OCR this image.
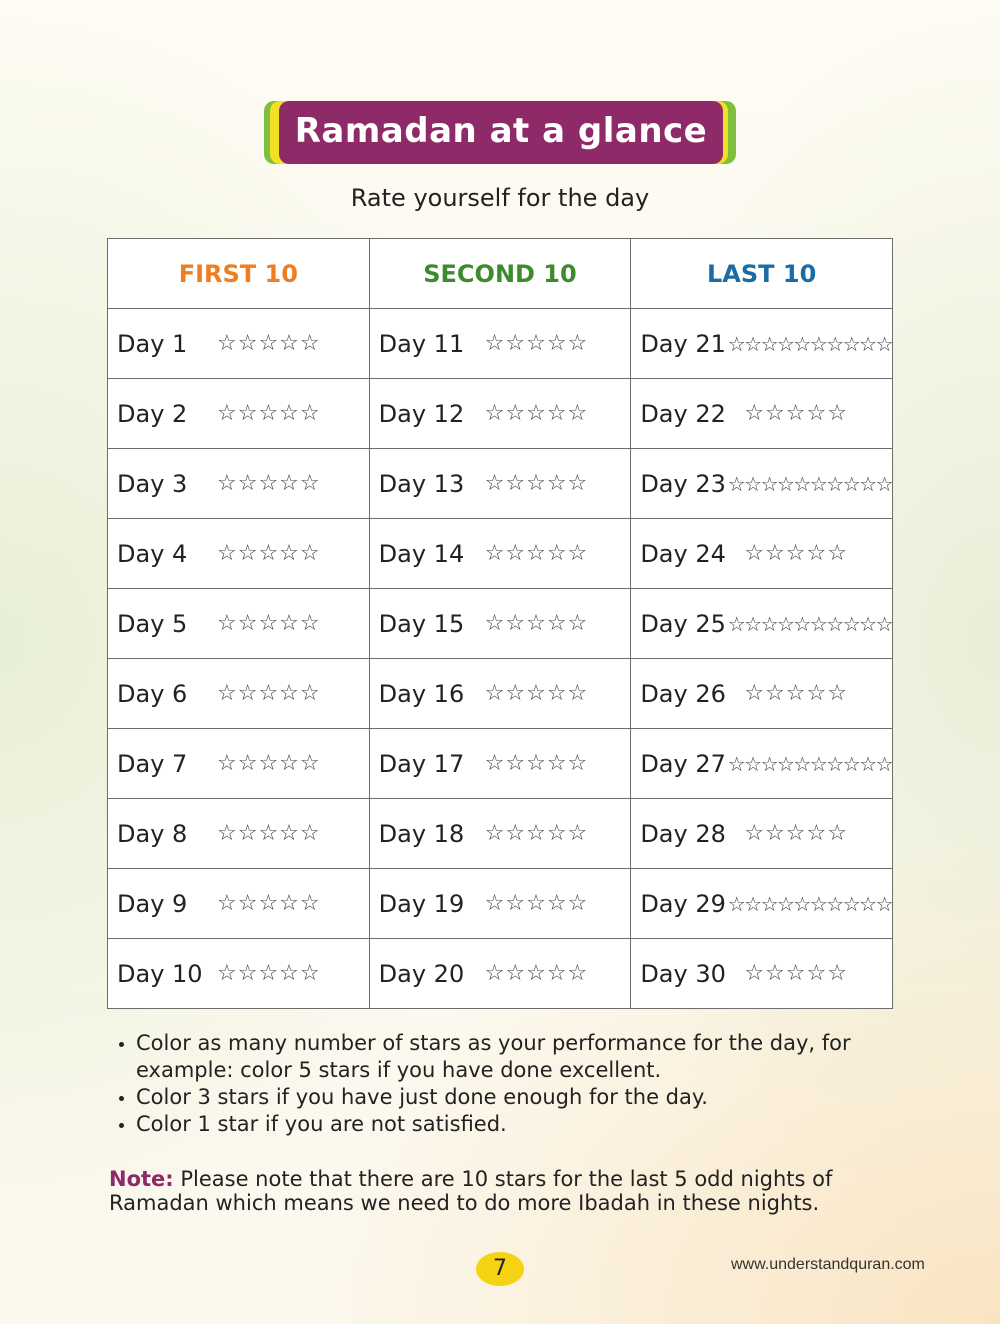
Ramadan at a glance
Rate yourself for the day
FIRST 10	SECOND 10	LAST 10

Day 1 ☆☆☆☆☆	Day 11 ☆☆☆☆☆	Day 21 ☆☆☆☆☆☆☆☆☆☆

Day 2 ☆☆☆☆☆	Day 12 ☆☆☆☆☆	Day 22 ☆☆☆☆☆

Day 3 ☆☆☆☆☆	Day 13 ☆☆☆☆☆	Day 23 ☆☆☆☆☆☆☆☆☆☆

Day 4 ☆☆☆☆☆	Day 14 ☆☆☆☆☆	Day 24 ☆☆☆☆☆

Day 5 ☆☆☆☆☆	Day 15 ☆☆☆☆☆	Day 25 ☆☆☆☆☆☆☆☆☆☆

Day 6 ☆☆☆☆☆	Day 16 ☆☆☆☆☆	Day 26 ☆☆☆☆☆

Day 7 ☆☆☆☆☆	Day 17 ☆☆☆☆☆	Day 27 ☆☆☆☆☆☆☆☆☆☆

Day 8 ☆☆☆☆☆	Day 18 ☆☆☆☆☆	Day 28 ☆☆☆☆☆

Day 9 ☆☆☆☆☆	Day 19 ☆☆☆☆☆	Day 29 ☆☆☆☆☆☆☆☆☆☆

Day 10 ☆☆☆☆☆	Day 20 ☆☆☆☆☆	Day 30 ☆☆☆☆☆
• Color as many number of stars as your performance for the day, for example: color 5 stars if you have done excellent.
• Color 3 stars if you have just done enough for the day.
• Color 1 star if you are not satisfied.
Note: Please note that there are 10 stars for the last 5 odd nights of Ramadan which means we need to do more Ibadah in these nights.
7	www.understandquran.com
